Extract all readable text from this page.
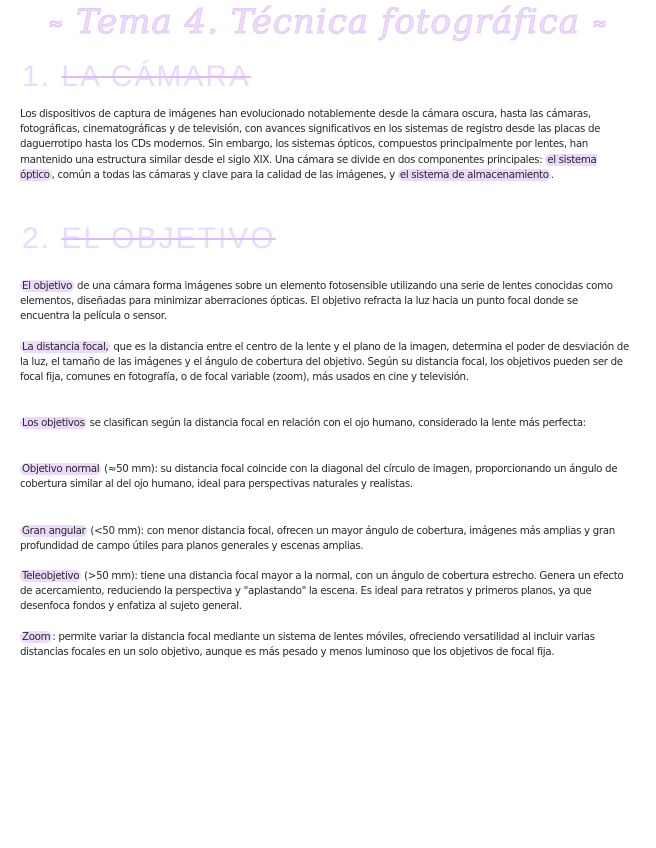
≈ Tema 4. Técnica fotográfica ≈
1. LA CÁMARA
Los dispositivos de captura de imágenes han evolucionado notablemente desde la cámara oscura, hasta las cámaras, fotográficas, cinematográficas y de televisión, con avances significativos en los sistemas de registro desde las placas de daguerrotipo hasta los CDs modernos. Sin embargo, los sistemas ópticos, compuestos principalmente por lentes, han mantenido una estructura similar desde el siglo XIX. Una cámara se divide en dos componentes principales: el sistema óptico , común a todas las cámaras y clave para la calidad de las imágenes, y el sistema de almacenamiento .
2. EL OBJETIVO
El objetivo de una cámara forma imágenes sobre un elemento fotosensible utilizando una serie de lentes conocidas como elementos, diseñadas para minimizar aberraciones ópticas. El objetivo refracta la luz hacia un punto focal donde se encuentra la película o sensor.
La distancia focal, que es la distancia entre el centro de la lente y el plano de la imagen, determina el poder de desviación de la luz, el tamaño de las imágenes y el ángulo de cobertura del objetivo. Según su distancia focal, los objetivos pueden ser de focal fija, comunes en fotografía, o de focal variable (zoom), más usados en cine y televisión.
Los objetivos se clasifican según la distancia focal en relación con el ojo humano, considerado la lente más perfecta:
Objetivo normal (≈50 mm): su distancia focal coincide con la diagonal del círculo de imagen, proporcionando un ángulo de cobertura similar al del ojo humano, ideal para perspectivas naturales y realistas.
Gran angular (<50 mm): con menor distancia focal, ofrecen un mayor ángulo de cobertura, imágenes más amplias y gran profundidad de campo útiles para planos generales y escenas amplias.
Teleobjetivo (>50 mm): tiene una distancia focal mayor a la normal, con un ángulo de cobertura estrecho. Genera un efecto de acercamiento, reduciendo la perspectiva y "aplastando" la escena. Es ideal para retratos y primeros planos, ya que desenfoca fondos y enfatiza al sujeto general.
Zoom : permite variar la distancia focal mediante un sistema de lentes móviles, ofreciendo versatilidad al incluir varias distancias focales en un solo objetivo, aunque es más pesado y menos luminoso que los objetivos de focal fija.
